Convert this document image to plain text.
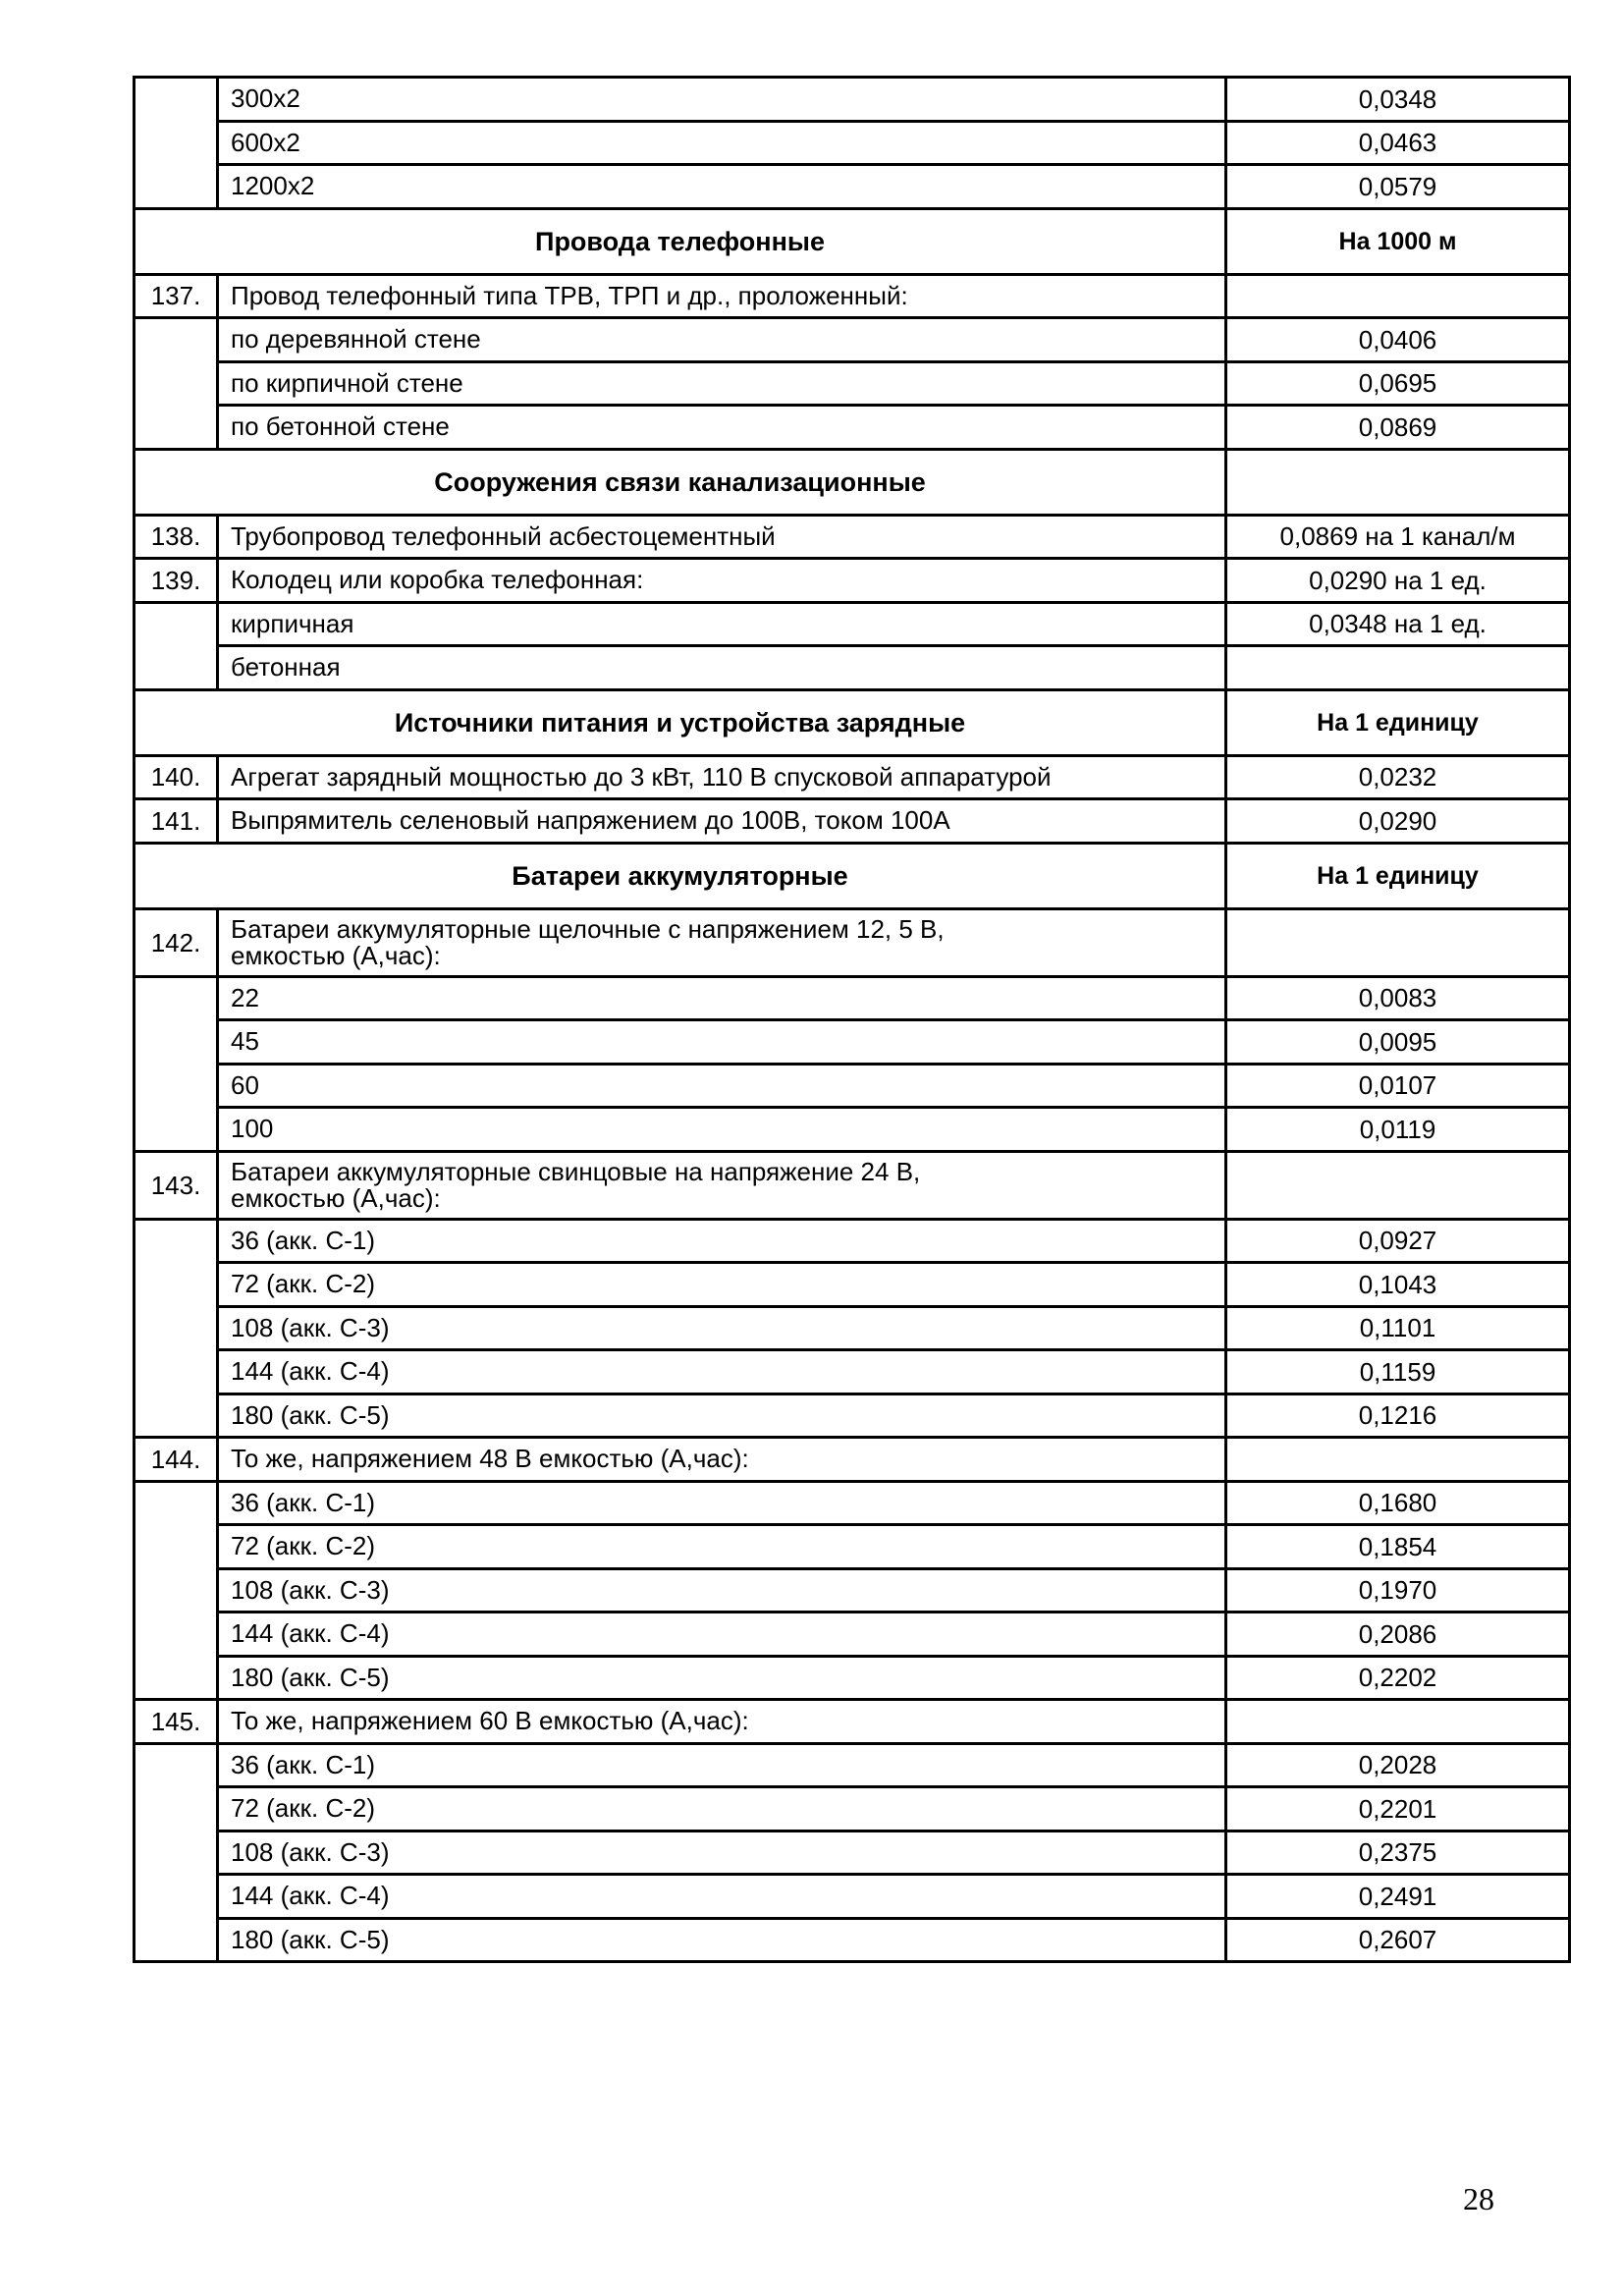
	300x2	0,0348
	600x2	0,0463
	1200x2	0,0579
Провода телефонные		На 1000 м
137.	Провод телефонный типа ТРВ, ТРП и др., проложенный:	
	по деревянной стене	0,0406
	по кирпичной стене	0,0695
	по бетонной стене	0,0869
Сооружения связи канализационные		
138.	Трубопровод телефонный асбестоцементный	0,0869 на 1 канал/м
139.	Колодец или коробка телефонная:	0,0290 на 1 ед.
	кирпичная	0,0348 на 1 ед.
	бетонная	
Источники питания и устройства зарядные		На 1 единицу
140.	Агрегат зарядный мощностью до 3 кВт, 110 В спусковой аппаратурой	0,0232
141.	Выпрямитель селеновый напряжением до 100В, током 100А	0,0290
Батареи аккумуляторные		На 1 единицу
142.	Батареи аккумуляторные щелочные с напряжением 12, 5 В,
емкостью (А,час):	
	22	0,0083
	45	0,0095
	60	0,0107
	100	0,0119
143.	Батареи аккумуляторные свинцовые на напряжение 24 В,
емкостью (А,час):	
	36 (акк. С-1)	0,0927
	72 (акк. С-2)	0,1043
	108 (акк. С-3)	0,1101
	144 (акк. С-4)	0,1159
	180 (акк. С-5)	0,1216
144.	То же, напряжением 48 В емкостью (А,час):	
	36 (акк. С-1)	0,1680
	72 (акк. С-2)	0,1854
	108 (акк. С-3)	0,1970
	144 (акк. С-4)	0,2086
	180 (акк. С-5)	0,2202
145.	То же, напряжением 60 В емкостью (А,час):	
	36 (акк. С-1)	0,2028
	72 (акк. С-2)	0,2201
	108 (акк. С-3)	0,2375
	144 (акк. С-4)	0,2491
	180 (акк. С-5)	0,2607
28
